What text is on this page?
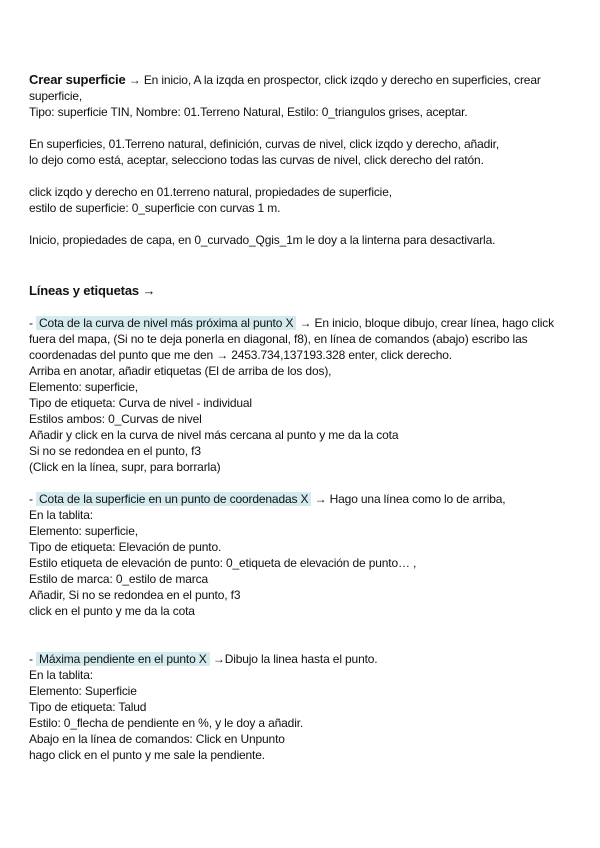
Crear superficie → En inicio, A la izqda en prospector, click izqdo y derecho en superficies, crear
superficie,
Tipo: superficie TIN, Nombre: 01.Terreno Natural, Estilo: 0_triangulos grises, aceptar.
En superficies, 01.Terreno natural, definición, curvas de nivel, click izqdo y derecho, añadir,
lo dejo como está, aceptar, selecciono todas las curvas de nivel, click derecho del ratón.
click izqdo y derecho en 01.terreno natural, propiedades de superficie,
estilo de superficie: 0_superficie con curvas 1 m.
Inicio, propiedades de capa, en 0_curvado_Qgis_1m le doy a la linterna para desactivarla.
Líneas y etiquetas →
- Cota de la curva de nivel más próxima al punto X → En inicio, bloque dibujo, crear línea, hago click
fuera del mapa, (Si no te deja ponerla en diagonal, f8), en línea de comandos (abajo) escribo las
coordenadas del punto que me den → 2453.734,137193.328 enter, click derecho.
Arriba en anotar, añadir etiquetas (El de arriba de los dos),
Elemento: superficie,
Tipo de etiqueta: Curva de nivel - individual
Estilos ambos: 0_Curvas de nivel
Añadir y click en la curva de nivel más cercana al punto y me da la cota
Si no se redondea en el punto, f3
(Click en la línea, supr, para borrarla)
- Cota de la superficie en un punto de coordenadas X → Hago una línea como lo de arriba,
En la tablita:
Elemento: superficie,
Tipo de etiqueta: Elevación de punto.
Estilo etiqueta de elevación de punto: 0_etiqueta de elevación de punto… ,
Estilo de marca: 0_estilo de marca
Añadir, Si no se redondea en el punto, f3
click en el punto y me da la cota
- Máxima pendiente en el punto X →Dibujo la linea hasta el punto.
En la tablita:
Elemento: Superficie
Tipo de etiqueta: Talud
Estilo: 0_flecha de pendiente en %, y le doy a añadir.
Abajo en la línea de comandos: Click en Unpunto
hago click en el punto y me sale la pendiente.
